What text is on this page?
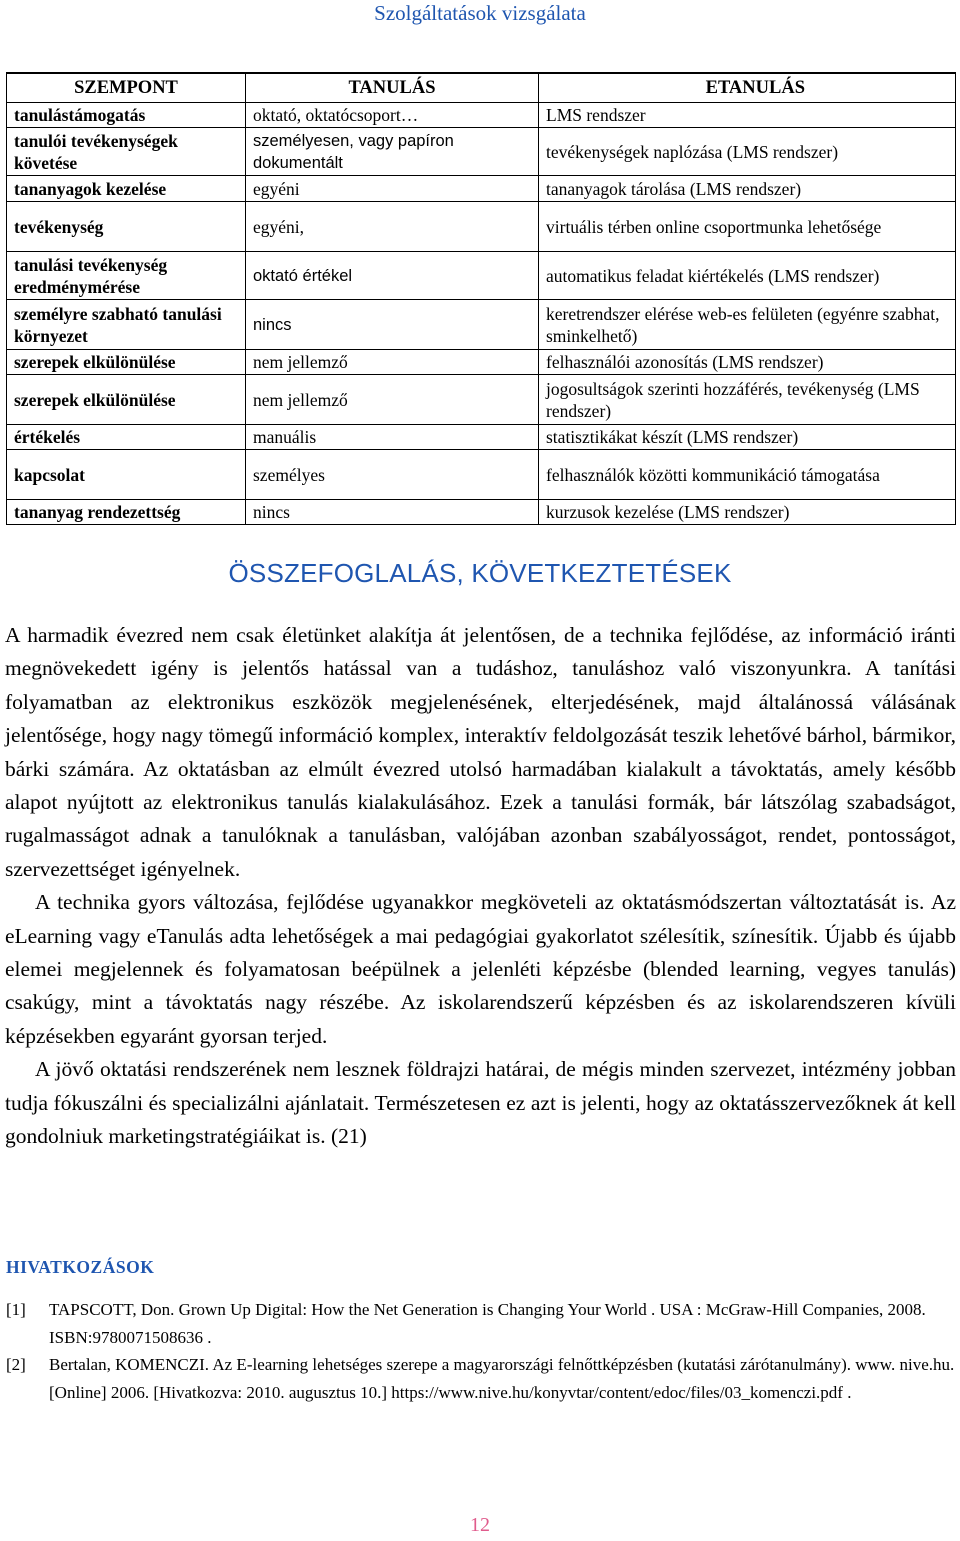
Szolgáltatások vizsgálata
SZEMPONT	TANULÁS	ETANULÁS
tanulástámogatás	oktató, oktatócsoport…	LMS rendszer
tanulói tevékenységek követése	személyesen, vagy papíron dokumentált	tevékenységek naplózása (LMS rendszer)
tananyagok kezelése	egyéni	tananyagok tárolása (LMS rendszer)
tevékenység	egyéni,	virtuális térben online csoportmunka lehetősége
tanulási tevékenység eredménymérése	oktató értékel	automatikus feladat kiértékelés (LMS rendszer)
személyre szabható tanulási környezet	nincs	keretrendszer elérése web-es felületen (egyénre szabhat, sminkelhető)
szerepek elkülönülése	nem jellemző	felhasználói azonosítás (LMS rendszer)
szerepek elkülönülése	nem jellemző	jogosultságok szerinti hozzáférés, tevékenység (LMS rendszer)
értékelés	manuális	statisztikákat készít (LMS rendszer)
kapcsolat	személyes	felhasználók közötti kommunikáció támogatása
tananyag rendezettség	nincs	kurzusok kezelése (LMS rendszer)
ÖSSZEFOGLALÁS, KÖVETKEZTETÉSEK

A harmadik évezred nem csak életünket alakítja át jelentősen, de a technika fejlődése, az információ iránti megnövekedett igény is jelentős hatással van a tudáshoz, tanuláshoz való viszonyunkra. A tanítási folyamatban az elektronikus eszközök megjelenésének, elterjedésének, majd általánossá válásának jelentősége, hogy nagy tömegű információ komplex, interaktív feldolgozását teszik lehetővé bárhol, bármikor, bárki számára. Az oktatásban az elmúlt évezred utolsó harmadában kialakult a távoktatás, amely később alapot nyújtott az elektronikus tanulás kialakulásához. Ezek a tanulási formák, bár látszólag szabadságot, rugalmasságot adnak a tanulóknak a tanulásban, valójában azonban szabályosságot, rendet, pontosságot, szervezettséget igényelnek.

A technika gyors változása, fejlődése ugyanakkor megköveteli az oktatásmódszertan változtatását is. Az eLearning vagy eTanulás adta lehetőségek a mai pedagógiai gyakorlatot szélesítik, színesítik. Újabb és újabb elemei megjelennek és folyamatosan beépülnek a jelenléti képzésbe (blended learning, vegyes tanulás) csakúgy, mint a távoktatás nagy részébe. Az iskolarendszerű képzésben és az iskolarendszeren kívüli képzésekben egyaránt gyorsan terjed.

A jövő oktatási rendszerének nem lesznek földrajzi határai, de mégis minden szervezet, intézmény jobban tudja fókuszálni és specializálni ajánlatait. Természetesen ez azt is jelenti, hogy az oktatásszervezőknek át kell gondolniuk marketingstratégiáikat is. (21)

HIVATKOZÁSOK
[1]	TAPSCOTT, Don. Grown Up Digital: How the Net Generation is Changing Your World . USA : McGraw-Hill Companies, 2008. ISBN:9780071508636 .
[2]	Bertalan, KOMENCZI. Az E-learning lehetséges szerepe a magyarországi felnőttképzésben (kutatási zárótanulmány). www. nive.hu. [Online] 2006. [Hivatkozva: 2010. augusztus 10.] https://www.nive.hu/konyvtar/content/edoc/files/03_komenczi.pdf .
12
